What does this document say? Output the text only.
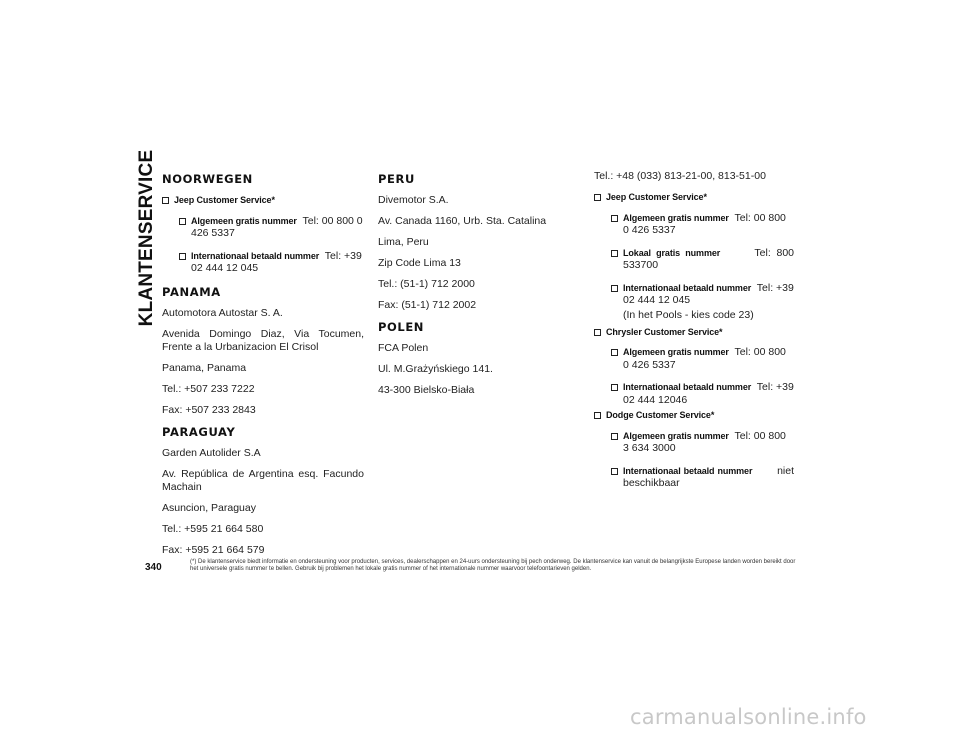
KLANTENSERVICE NOORWEGEN
Jeep Customer Service*
Algemeen gratis nummer Tel: 00 800 0 426 5337
Internationaal betaald nummer Tel: +39 02 444 12 045
PANAMA
Automotora Autostar S. A.
Avenida Domingo Diaz, Via Tocumen, Frente a la Urbanizacion El Crisol
Panama, Panama
Tel.: +507 233 7222
Fax: +507 233 2843
PARAGUAY
Garden Autolider S.A
Av. República de Argentina esq. Facundo Machain
Asuncion, Paraguay
Tel.: +595 21 664 580
Fax: +595 21 664 579
PERU
Divemotor S.A.
Av. Canada 1160, Urb. Sta. Catalina
Lima, Peru
Zip Code Lima 13
Tel.: (51-1) 712 2000
Fax: (51-1) 712 2002
POLEN
FCA Polen
Ul. M.Grażyńskiego 141.
43-300 Bielsko-Biała
Tel.: +48 (033) 813-21-00, 813-51-00
Jeep Customer Service*
Algemeen gratis nummer Tel: 00 800 0 426 5337
Lokaal gratis nummer	Tel: 800 533700
Internationaal betaald nummer Tel: +39 02 444 12 045
(In het Pools - kies code 23)
Chrysler Customer Service*
Algemeen gratis nummer Tel: 00 800 0 426 5337
Internationaal betaald nummer Tel: +39 02 444 12046
Dodge Customer Service*
Algemeen gratis nummer Tel: 00 800 3 634 3000
Internationaal betaald nummer niet beschikbaar
340	(*) De klantenservice biedt informatie en ondersteuning voor producten, services, dealerschappen en 24-uurs ondersteuning bij pech onderweg. De klantenservice kan vanuit de belangrijkste Europese landen worden bereikt door het universele gratis nummer te bellen. Gebruik bij problemen het lokale gratis nummer of het internationale nummer waarvoor telefoontarieven gelden.
carmanualsonline.info
